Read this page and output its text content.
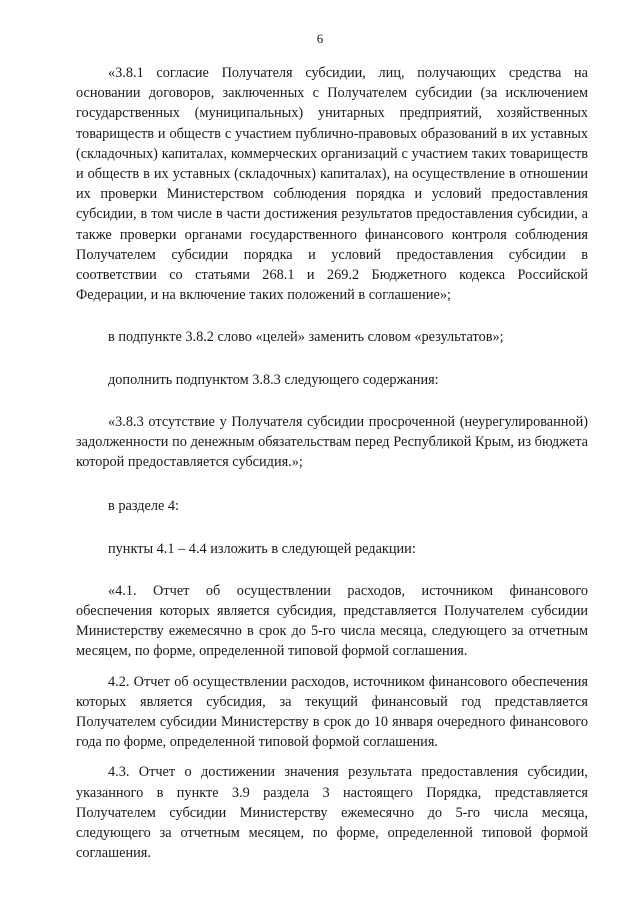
6

«3.8.1 согласие Получателя субсидии, лиц, получающих средства на основании договоров, заключенных с Получателем субсидии (за исключением государственных (муниципальных) унитарных предприятий, хозяйственных товариществ и обществ с участием публично-правовых образований в их уставных (складочных) капиталах, коммерческих организаций с участием таких товариществ и обществ в их уставных (складочных) капиталах), на осуществление в отношении их проверки Министерством соблюдения порядка и условий предоставления субсидии, в том числе в части достижения результатов предоставления субсидии, а также проверки органами государственного финансового контроля соблюдения Получателем субсидии порядка и условий предоставления субсидии в соответствии со статьями 268.1 и 269.2 Бюджетного кодекса Российской Федерации, и на включение таких положений в соглашение»;

в подпункте 3.8.2 слово «целей» заменить словом «результатов»;

дополнить подпунктом 3.8.3 следующего содержания:

«3.8.3 отсутствие у Получателя субсидии просроченной (неурегулированной) задолженности по денежным обязательствам перед Республикой Крым, из бюджета которой предоставляется субсидия.»;

в разделе 4:

пункты 4.1 – 4.4 изложить в следующей редакции:

«4.1. Отчет об осуществлении расходов, источником финансового обеспечения которых является субсидия, представляется Получателем субсидии Министерству ежемесячно в срок до 5-го числа месяца, следующего за отчетным месяцем, по форме, определенной типовой формой соглашения.

4.2. Отчет об осуществлении расходов, источником финансового обеспечения которых является субсидия, за текущий финансовый год представляется Получателем субсидии Министерству в срок до 10 января очередного финансового года по форме, определенной типовой формой соглашения.

4.3. Отчет о достижении значения результата предоставления субсидии, указанного в пункте 3.9 раздела 3 настоящего Порядка, представляется Получателем субсидии Министерству ежемесячно до 5-го числа месяца, следующего за отчетным месяцем, по форме, определенной типовой формой соглашения.
